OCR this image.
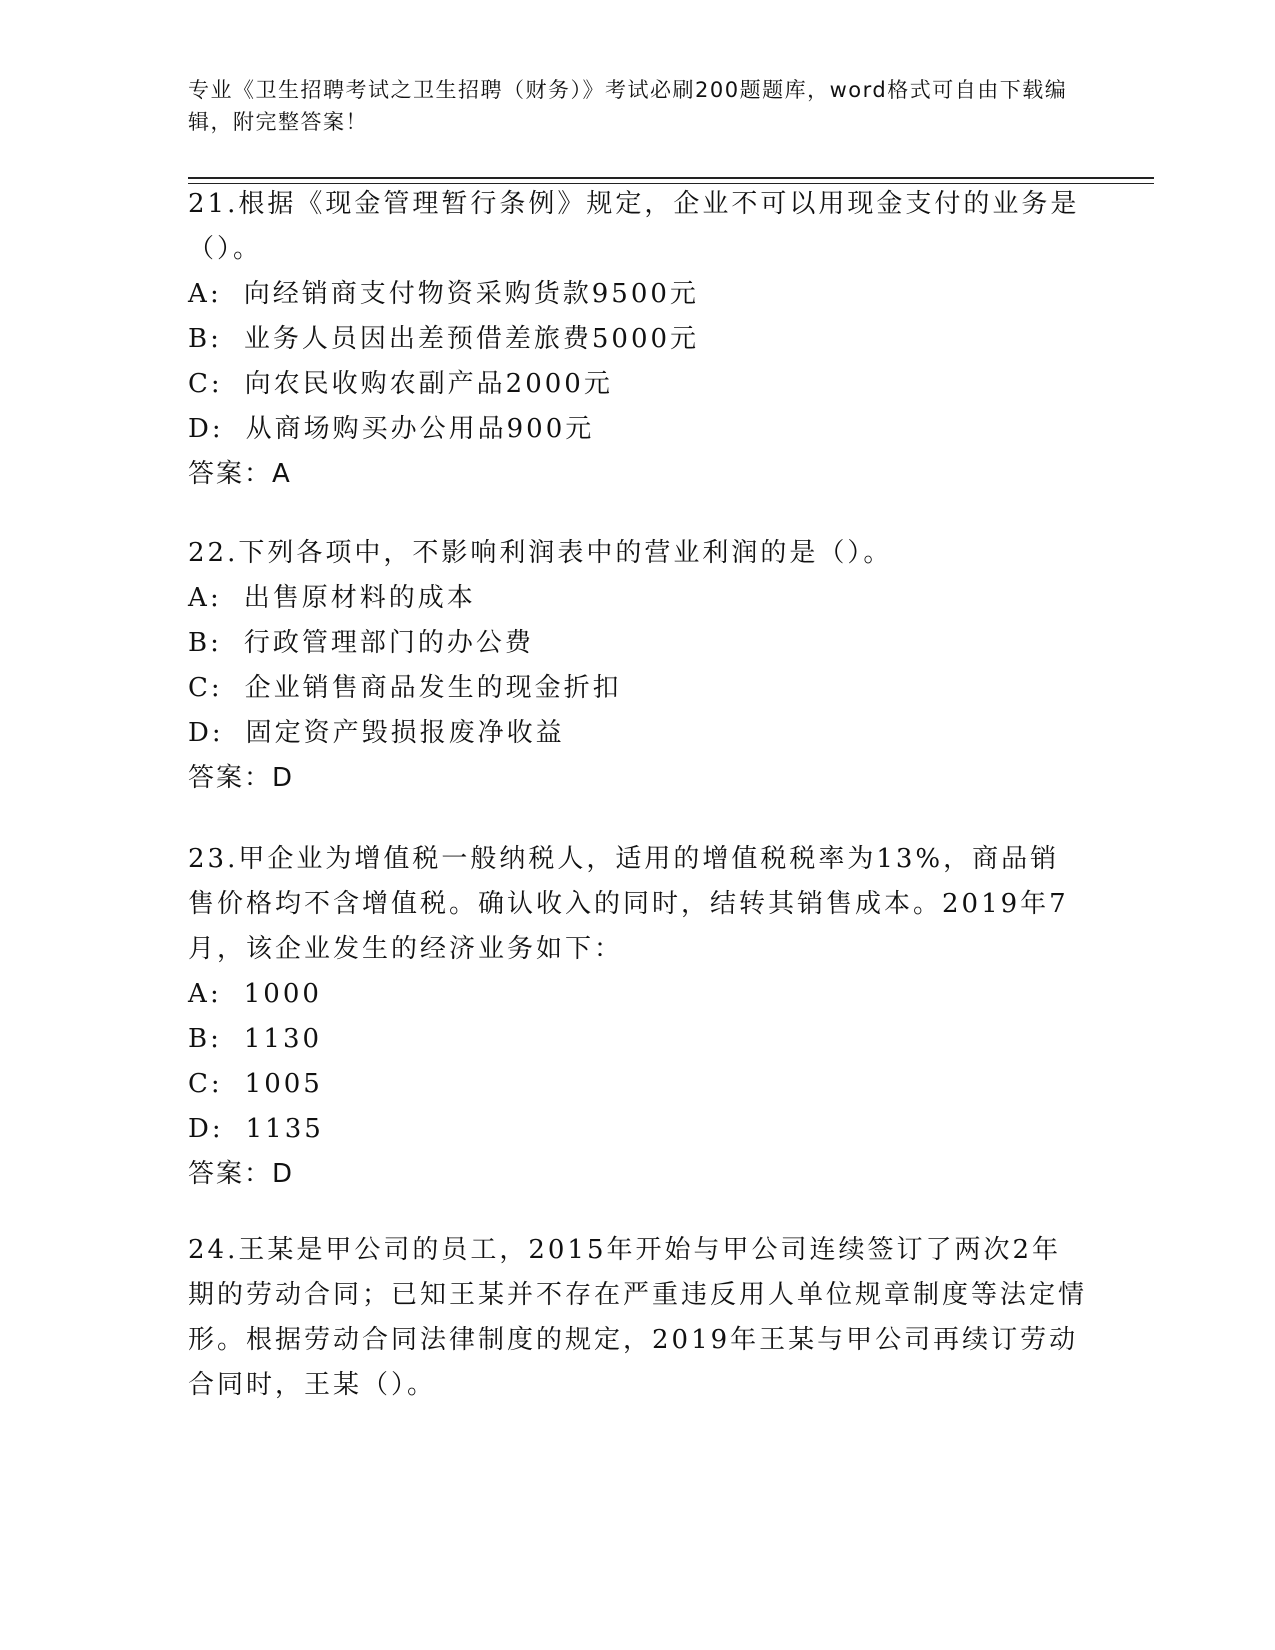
专业《卫生招聘考试之卫生招聘（财务）》考试必刷200题题库，word格式可自由下载编辑，附完整答案！

21.根据《现金管理暂行条例》规定，企业不可以用现金支付的业务是（）。

A: 向经销商支付物资采购货款9500元
B: 业务人员因出差预借差旅费5000元
C: 向农民收购农副产品2000元
D: 从商场购买办公用品900元
答案：A

22.下列各项中，不影响利润表中的营业利润的是（）。

A: 出售原材料的成本
B: 行政管理部门的办公费
C: 企业销售商品发生的现金折扣
D: 固定资产毁损报废净收益
答案：D

23.甲企业为增值税一般纳税人，适用的增值税税率为13%，商品销售价格均不含增值税。确认收入的同时，结转其销售成本。2019年7月，该企业发生的经济业务如下：

A: 1000
B: 1130
C: 1005
D: 1135
答案：D

24.王某是甲公司的员工，2015年开始与甲公司连续签订了两次2年期的劳动合同；已知王某并不存在严重违反用人单位规章制度等法定情形。根据劳动合同法律制度的规定，2019年王某与甲公司再续订劳动合同时，王某（）。
